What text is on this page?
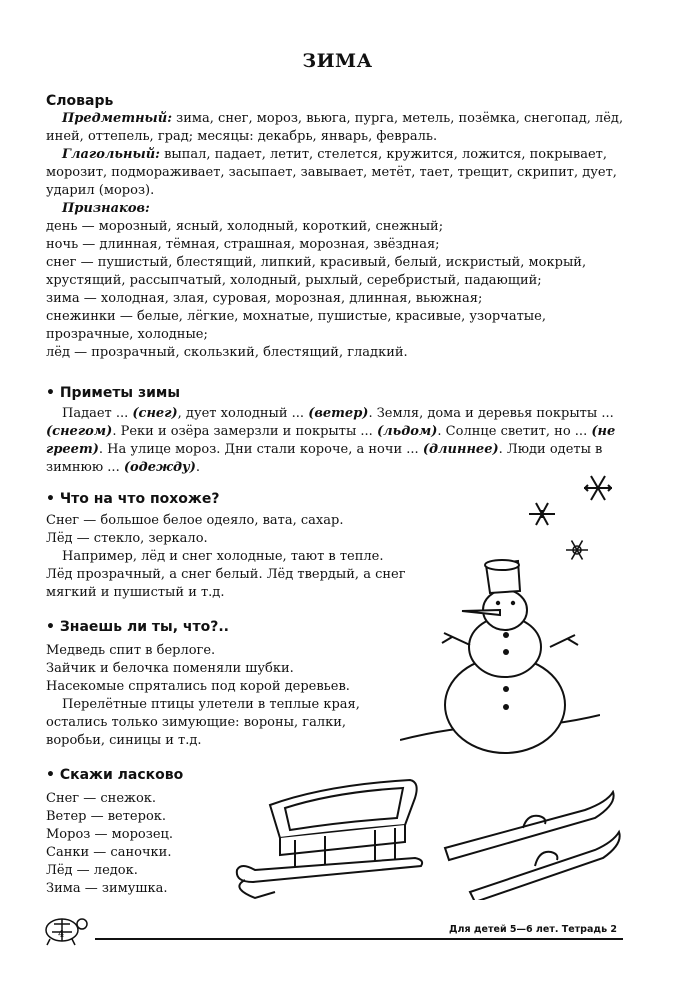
ЗИМА

Словарь

Предметный: зима, снег, мороз, вьюга, пурга, метель, позёмка, снегопад, лёд, иней, оттепель, град; месяцы: декабрь, январь, февраль.

Глагольный: выпал, падает, летит, стелется, кружится, ложится, покрывает, морозит, подмораживает, засыпает, завывает, метёт, тает, трещит, скрипит, дует, ударил (мороз).

Признаков:

день — морозный, ясный, холодный, короткий, снежный;

ночь — длинная, тёмная, страшная, морозная, звёздная;

снег — пушистый, блестящий, липкий, красивый, белый, искристый, мокрый, хрустящий, рассыпчатый, холодный, рыхлый, серебристый, падающий;

зима — холодная, злая, суровая, морозная, длинная, вьюжная;

снежинки — белые, лёгкие, мохнатые, пушистые, красивые, узорчатые, прозрачные, холодные;

лёд — прозрачный, скользкий, блестящий, гладкий.

• Приметы зимы

Падает ... (снег), дует холодный ... (ветер). Земля, дома и деревья покрыты ... (снегом). Реки и озёра замерзли и покрыты ... (льдом). Солнце светит, но ... (не греет). На улице мороз. Дни стали короче, а ночи ... (длиннее). Люди одеты в зимнюю ... (одежду).

• Что на что похоже?

Снег — большое белое одеяло, вата, сахар.

Лёд — стекло, зеркало.

Например, лёд и снег холодные, тают в тепле.

Лёд прозрачный, а снег белый. Лёд твердый, а снег мягкий и пушистый и т.д.

• Знаешь ли ты, что?..

Медведь спит в берлоге.

Зайчик и белочка поменяли шубки.

Насекомые спрятались под корой деревьев.

Перелётные птицы улетели в теплые края, остались только зимующие: вороны, галки, воробьи, синицы и т.д.

• Скажи ласково

Снег — снежок.

Ветер — ветерок.

Мороз — морозец.

Санки — саночки.

Лёд — ледок.

Зима — зимушка.

4	Для детей 5—6 лет. Тетрадь 2
